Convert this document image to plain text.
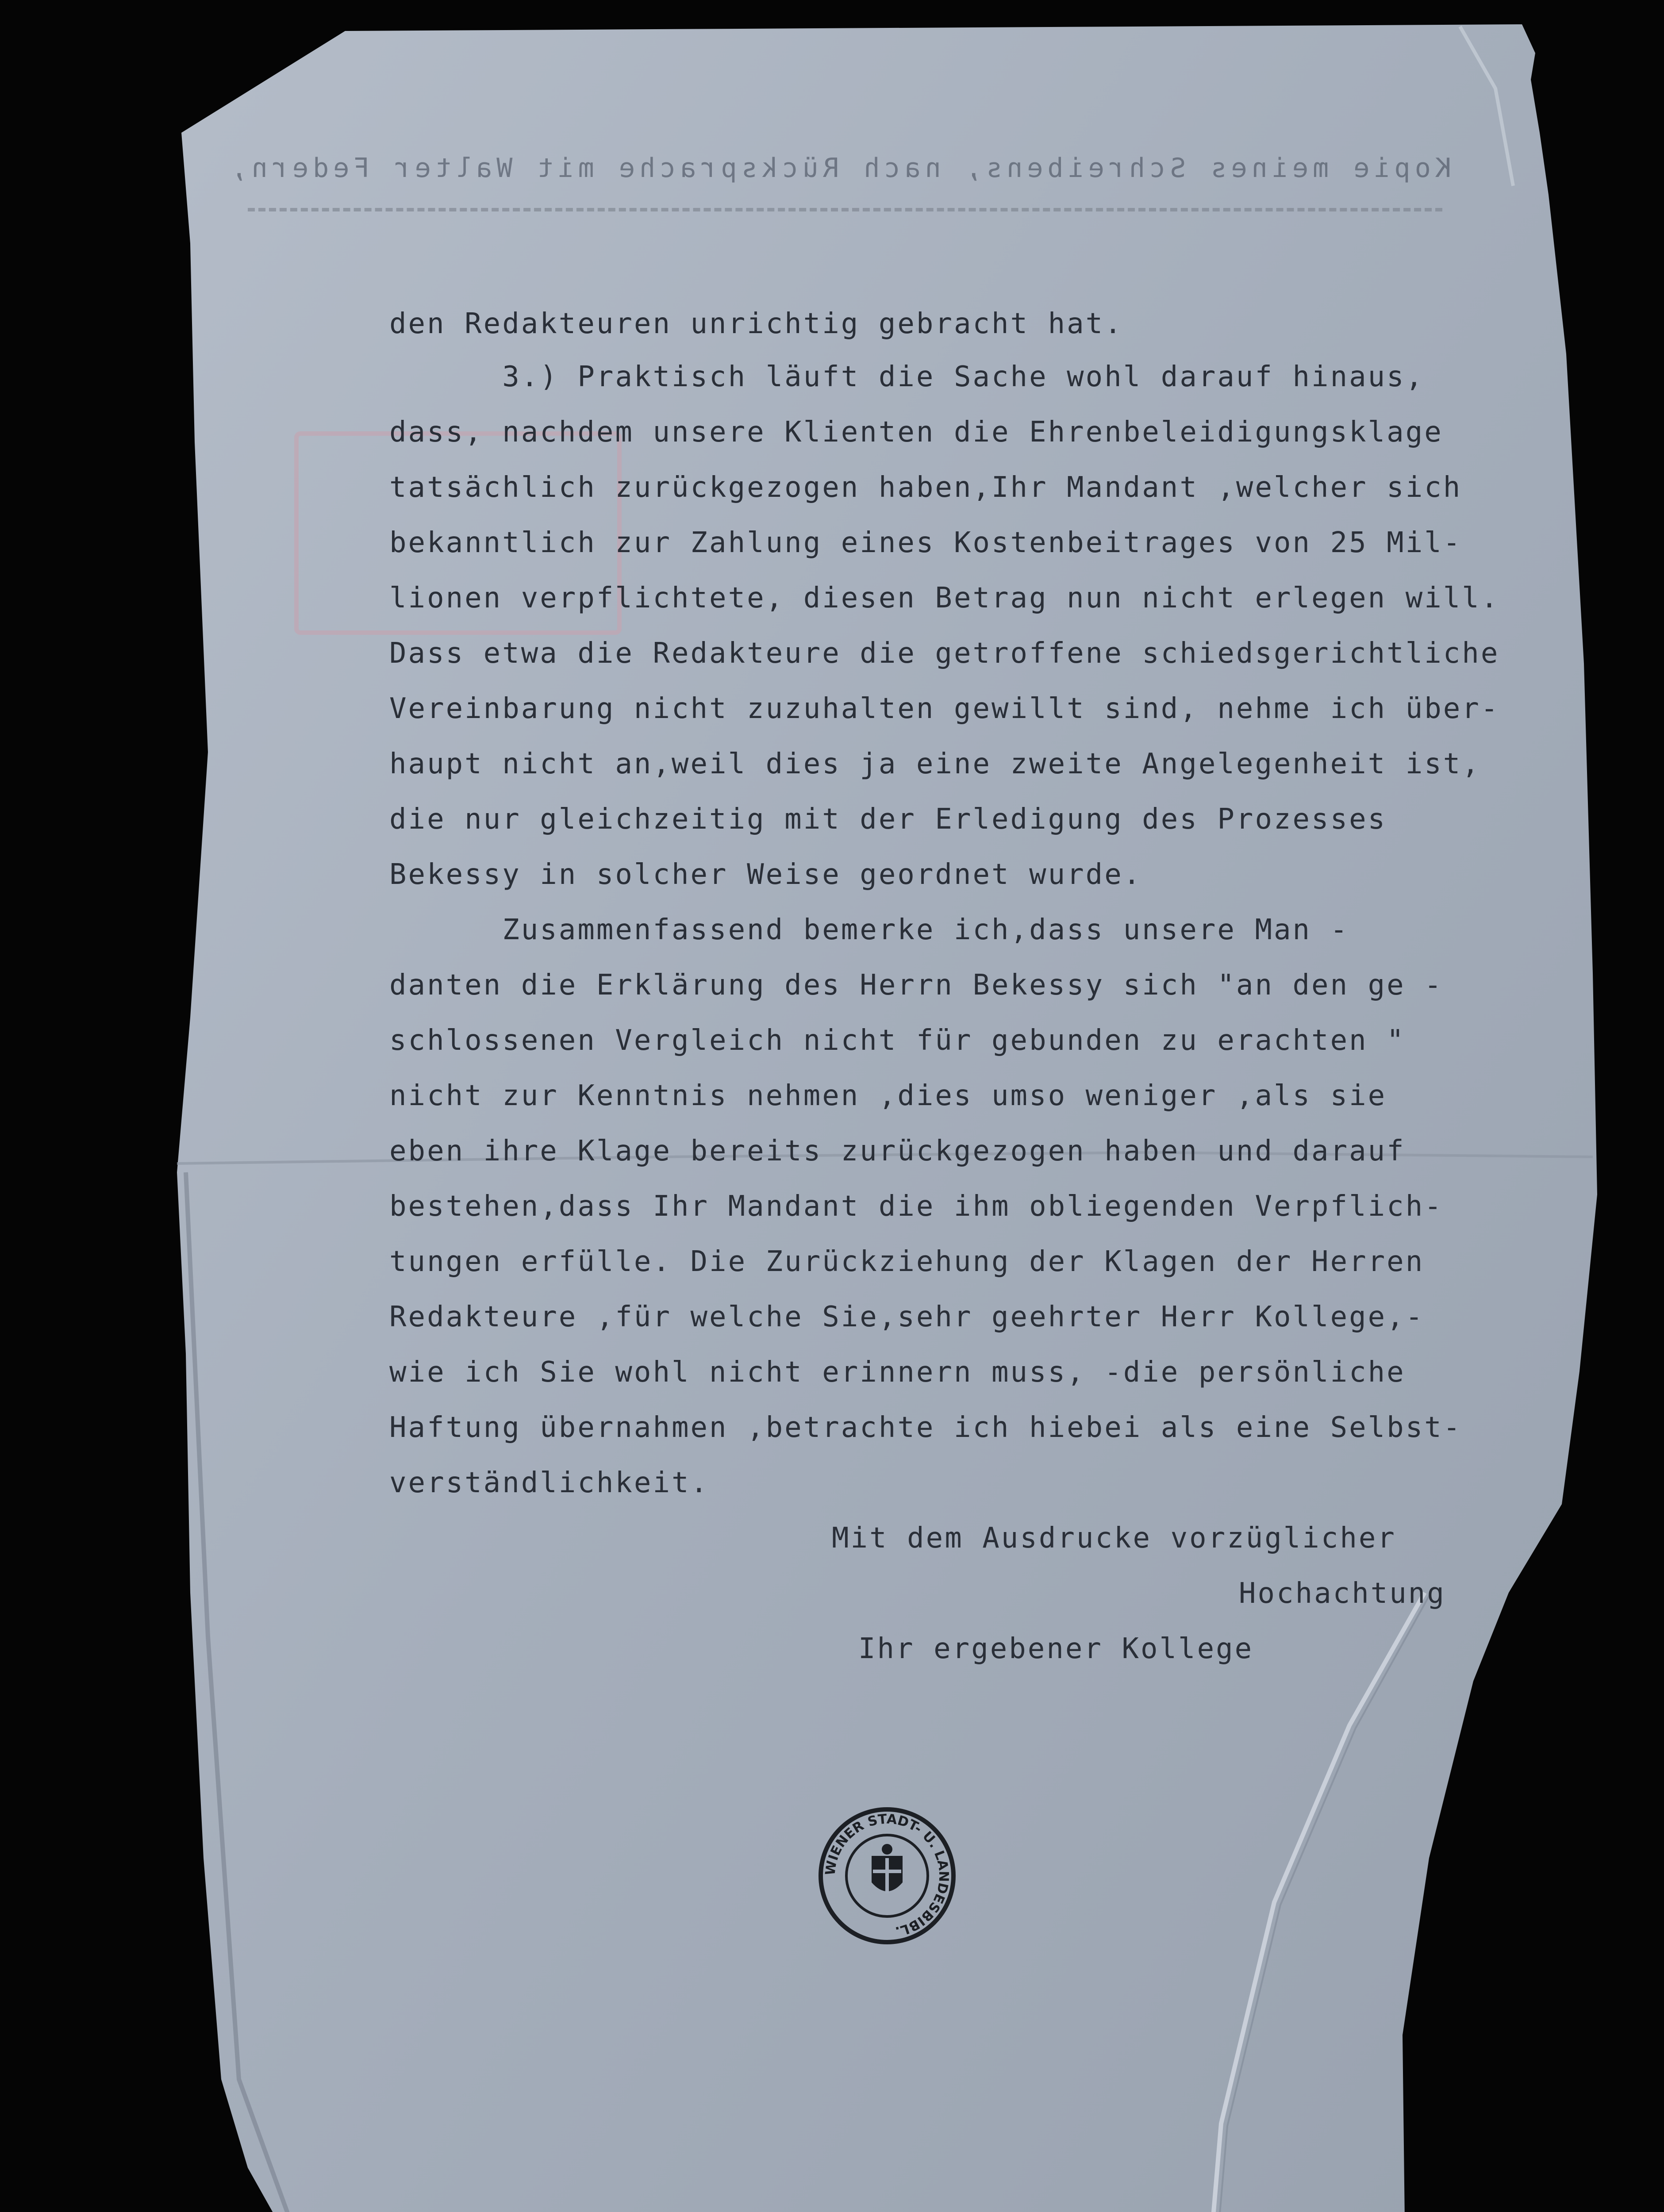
Kopie meines Schreibens, nach Rücksprache mit Walter Federn,
den Redakteuren unrichtig gebracht hat.
3.) Praktisch läuft die Sache wohl darauf hinaus,
dass, nachdem unsere Klienten die Ehrenbeleidigungsklage
tatsächlich zurückgezogen haben,Ihr Mandant ,welcher sich
bekanntlich zur Zahlung eines Kostenbeitrages von 25 Mil-
lionen verpflichtete, diesen Betrag nun nicht erlegen will.
Dass etwa die Redakteure die getroffene schiedsgerichtliche
Vereinbarung nicht zuzuhalten gewillt sind, nehme ich über-
haupt nicht an,weil dies ja eine zweite Angelegenheit ist,
die nur gleichzeitig mit der Erledigung des Prozesses
Bekessy in solcher Weise geordnet wurde.
Zusammenfassend bemerke ich,dass unsere Man -
danten die Erklärung des Herrn Bekessy sich "an den ge -
schlossenen Vergleich nicht für gebunden zu erachten "
nicht zur Kenntnis nehmen ,dies umso weniger ,als sie
eben ihre Klage bereits zurückgezogen haben und darauf
bestehen,dass Ihr Mandant die ihm obliegenden Verpflich-
tungen erfülle. Die Zurückziehung der Klagen der Herren
Redakteure ,für welche Sie,sehr geehrter Herr Kollege,-
wie ich Sie wohl nicht erinnern muss, -die persönliche
Haftung übernahmen ,betrachte ich hiebei als eine Selbst-
verständlichkeit.
Mit dem Ausdrucke vorzüglicher
Hochachtung
Ihr ergebener Kollege
WIENER STADT- U. LANDESBIBL.
